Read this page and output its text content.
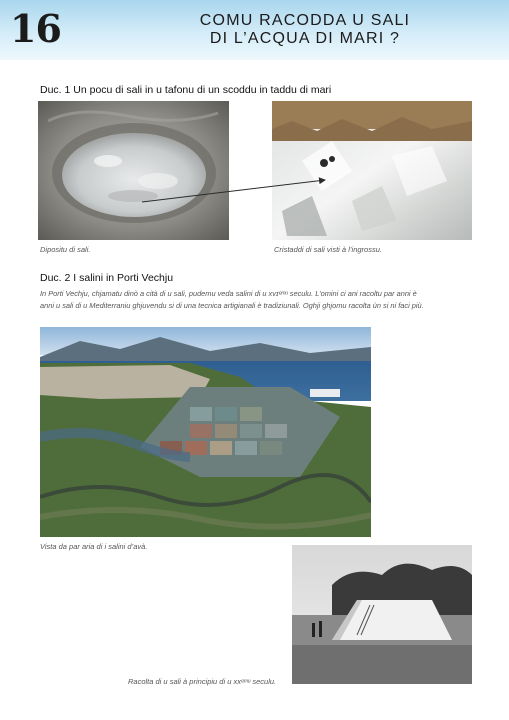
16	COMU RACODDA U SALI
DI L’ACQUA DI MARI ?
Duc. 1 Un pocu di sali in u tafonu di un scoddu in taddu di mari
Dipositu di sali.	Cristaddi di sali visti à l’ingrossu.
Duc. 2 I salini in Porti Vechju
In Porti Vechju, chjamatu dinò a cità di u sali, pudemu veda salini di u xvɪᵉᵐᵘ seculu. L’omini ci ani racoltu par anni è
anni u sali di u Mediterraniu ghjuvendu si di una tecnica artigianali è tradiziunali. Oghji ghjomu racolta ùn si ni faci più.
Vista da par aria di i salini d’avà.
Racolta di u sali à principiu di u xxᵉᵐᵘ seculu.
